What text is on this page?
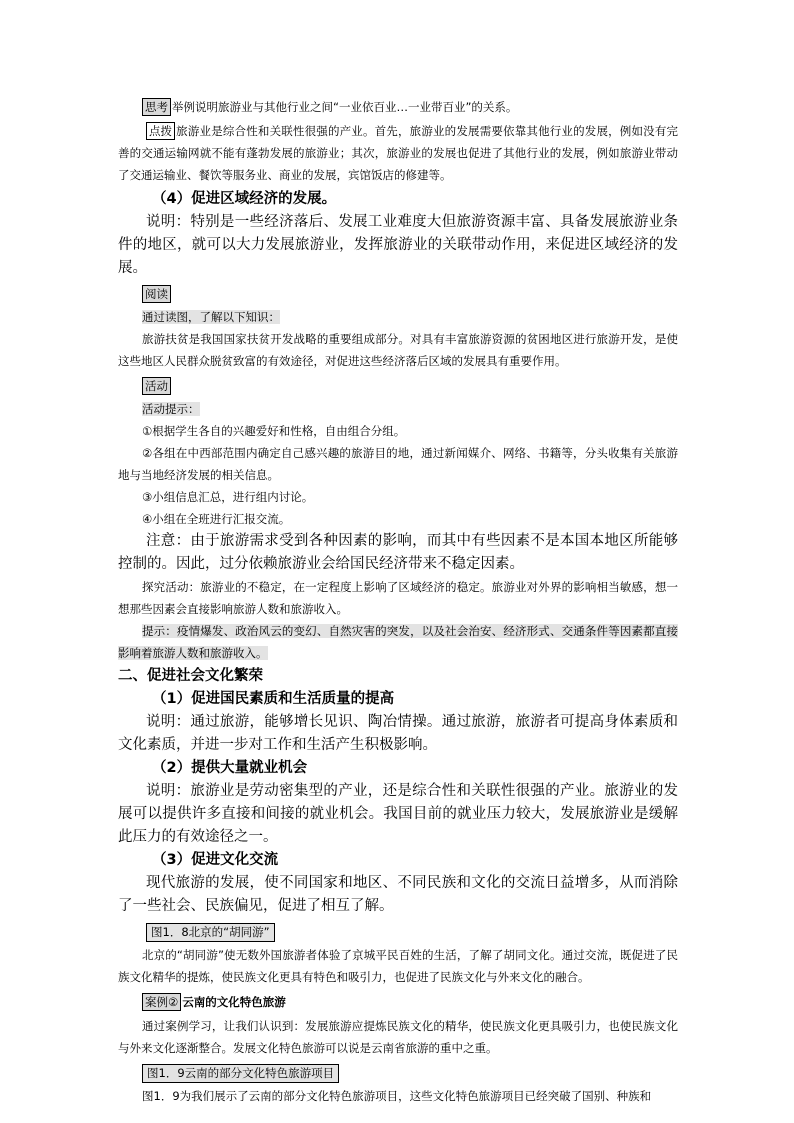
思考 举例说明旅游业与其他行业之间“一业依百业…一业带百业”的关系。

点拨 旅游业是综合性和关联性很强的产业。首先，旅游业的发展需要依靠其他行业的发展，例如没有完善的交通运输网就不能有蓬勃发展的旅游业；其次，旅游业的发展也促进了其他行业的发展，例如旅游业带动了交通运输业、餐饮等服务业、商业的发展，宾馆饭店的修建等。

（4）促进区域经济的发展。

说明：特别是一些经济落后、发展工业难度大但旅游资源丰富、具备发展旅游业条件的地区，就可以大力发展旅游业，发挥旅游业的关联带动作用，来促进区域经济的发展。

阅读

通过读图，了解以下知识：

旅游扶贫是我国国家扶贫开发战略的重要组成部分。对具有丰富旅游资源的贫困地区进行旅游开发，是使这些地区人民群众脱贫致富的有效途径，对促进这些经济落后区域的发展具有重要作用。

活动

活动提示：

①根据学生各自的兴趣爱好和性格，自由组合分组。

②各组在中西部范围内确定自己感兴趣的旅游目的地，通过新闻媒介、网络、书籍等，分头收集有关旅游地与当地经济发展的相关信息。

③小组信息汇总，进行组内讨论。

④小组在全班进行汇报交流。

注意：由于旅游需求受到各种因素的影响，而其中有些因素不是本国本地区所能够控制的。因此，过分依赖旅游业会给国民经济带来不稳定因素。

探究活动：旅游业的不稳定，在一定程度上影响了区域经济的稳定。旅游业对外界的影响相当敏感，想一想那些因素会直接影响旅游人数和旅游收入。

提示：疫情爆发、政治风云的变幻、自然灾害的突发，以及社会治安、经济形式、交通条件等因素都直接影响着旅游人数和旅游收入。

二、促进社会文化繁荣

（1）促进国民素质和生活质量的提高

说明：通过旅游，能够增长见识、陶冶情操。通过旅游，旅游者可提高身体素质和文化素质，并进一步对工作和生活产生积极影响。

（2）提供大量就业机会

说明：旅游业是劳动密集型的产业，还是综合性和关联性很强的产业。旅游业的发展可以提供许多直接和间接的就业机会。我国目前的就业压力较大，发展旅游业是缓解此压力的有效途径之一。

（3）促进文化交流

现代旅游的发展，使不同国家和地区、不同民族和文化的交流日益增多，从而消除了一些社会、民族偏见，促进了相互了解。

图1．8北京的“胡同游”

北京的“胡同游”使无数外国旅游者体验了京城平民百姓的生活，了解了胡同文化。通过交流，既促进了民族文化精华的提炼，使民族文化更具有特色和吸引力，也促进了民族文化与外来文化的融合。

案例② 云南的文化特色旅游

通过案例学习，让我们认识到：发展旅游应提炼民族文化的精华，使民族文化更具吸引力，也使民族文化与外来文化逐渐整合。发展文化特色旅游可以说是云南省旅游的重中之重。

图1．9云南的部分文化特色旅游项目

图1．9为我们展示了云南的部分文化特色旅游项目，这些文化特色旅游项目已经突破了国别、种族和
